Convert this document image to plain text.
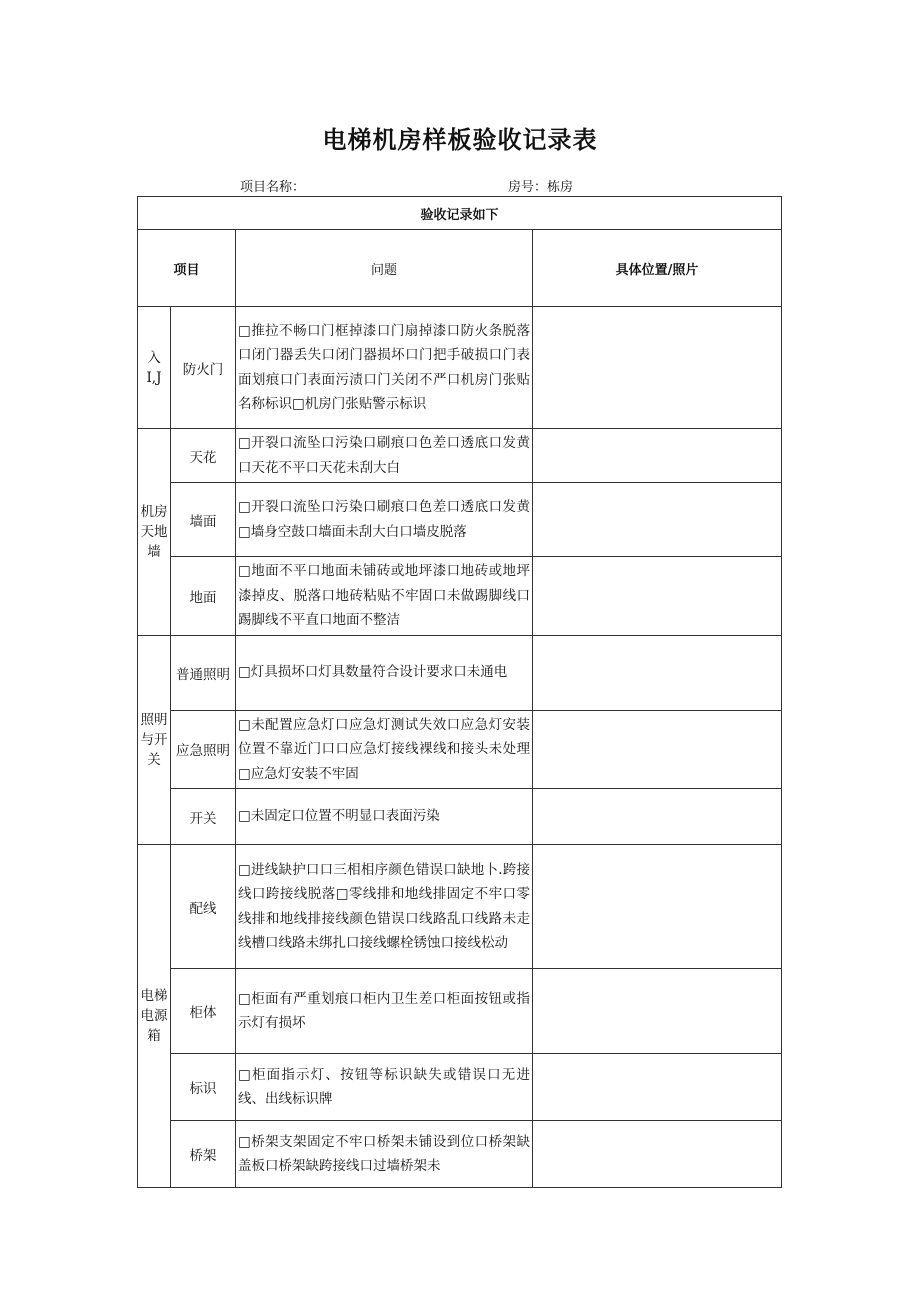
电梯机房样板验收记录表
项目名称：	房号：栋房
验收记录如下			
项目		问题	具体位置/照片

入
I,J	防火门	□推拉不畅口门框掉漆口门扇掉漆口防火条脱落口闭门器丢失口闭门器损坏口门把手破损口门表面划痕口门表面污渍口门关闭不严口机房门张贴名称标识□机房门张贴警示标识	

机房
天地
墙	天花	□开裂口流坠口污染口刷痕口色差口透底口发黄口天花不平口天花未刮大白	
	墙面	□开裂口流坠口污染口刷痕口色差口透底口发黄□墙身空鼓口墙面未刮大白口墙皮脱落	
	地面	□地面不平口地面未铺砖或地坪漆口地砖或地坪漆掉皮、脱落口地砖粘贴不牢固口未做踢脚线口踢脚线不平直口地面不整洁	

照明
与开
关	普通照明	□灯具损坏口灯具数量符合设计要求口未通电	
	应急照明	□未配置应急灯口应急灯测试失效口应急灯安装位置不靠近门口口应急灯接线裸线和接头未处理□应急灯安装不牢固	
	开关	□未固定口位置不明显口表面污染	

电梯
电源
箱	配线	□进线缺护口口三相相序颜色错误口缺地卜.跨接线口跨接线脱落□零线排和地线排固定不牢口零线排和地线排接线颜色错误口线路乱口线路未走线槽口线路未绑扎口接线螺栓锈蚀口接线松动	
	柜体	□柜面有严重划痕口柜内卫生差口柜面按钮或指示灯有损坏	
	标识	□柜面指示灯、按钮等标识缺失或错误口无进线、出线标识牌	
	桥架	□桥架支架固定不牢口桥架未铺设到位口桥架缺盖板口桥架缺跨接线口过墙桥架未	
